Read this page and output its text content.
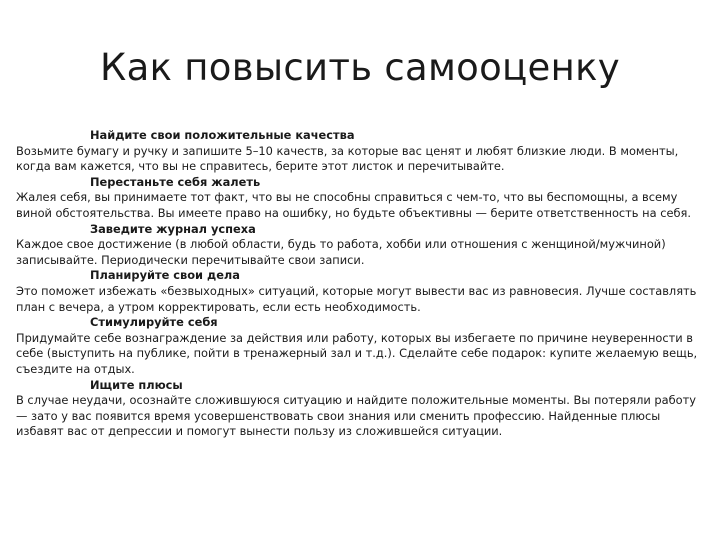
Как повысить самооценку

Найдите свои положительные качества

Возьмите бумагу и ручку и запишите 5–10 качеств, за которые вас ценят и любят близкие люди. В моменты, когда вам кажется, что вы не справитесь, берите этот листок и перечитывайте.

Перестаньте себя жалеть

Жалея себя, вы принимаете тот факт, что вы не способны справиться с чем-то, что вы беспомощны, а всему виной обстоятельства. Вы имеете право на ошибку, но будьте объективны — берите ответственность на себя.

Заведите журнал успеха

Каждое свое достижение (в любой области, будь то работа, хобби или отношения с женщиной/мужчиной) записывайте. Периодически перечитывайте свои записи.

Планируйте свои дела

Это поможет избежать «безвыходных» ситуаций, которые могут вывести вас из равновесия. Лучше составлять план с вечера, а утром корректировать, если есть необходимость.

Стимулируйте себя

Придумайте себе вознаграждение за действия или работу, которых вы избегаете по причине неуверенности в себе (выступить на публике, пойти в тренажерный зал и т.д.). Сделайте себе подарок: купите желаемую вещь, съездите на отдых.

Ищите плюсы

В случае неудачи, осознайте сложившуюся ситуацию и найдите положительные моменты. Вы потеряли работу — зато у вас появится время усовершенствовать свои знания или сменить профессию. Найденные плюсы избавят вас от депрессии и помогут вынести пользу из сложившейся ситуации.
